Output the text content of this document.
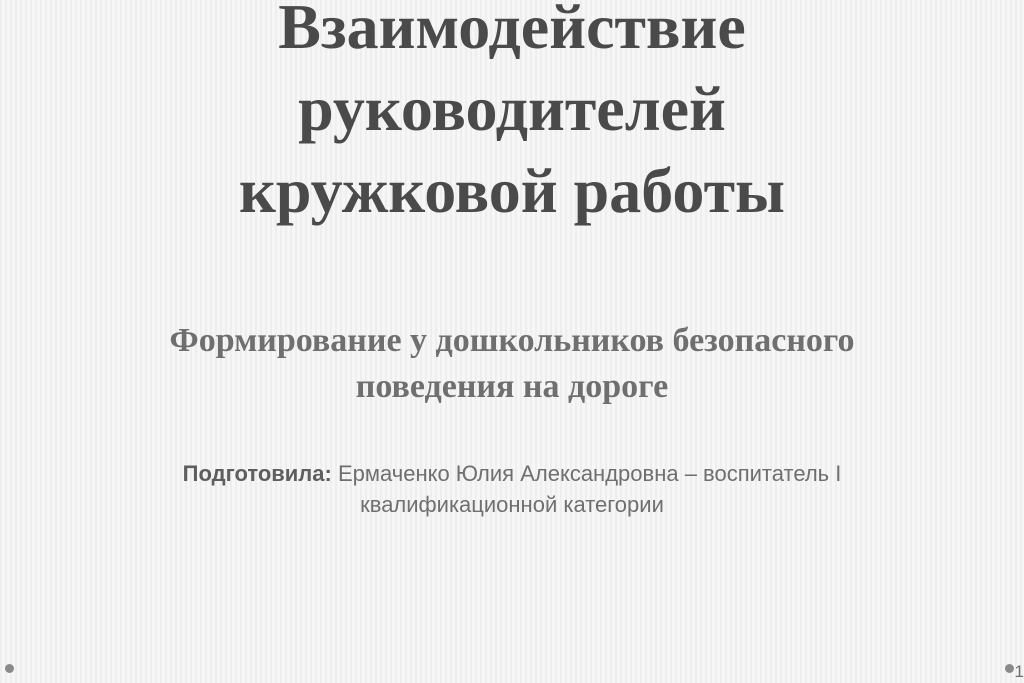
Взаимодействие руководителей кружковой работы
Формирование у дошкольников безопасного поведения на дороге
Подготовила: Ермаченко Юлия Александровна – воспитатель I квалификационной категории
1
